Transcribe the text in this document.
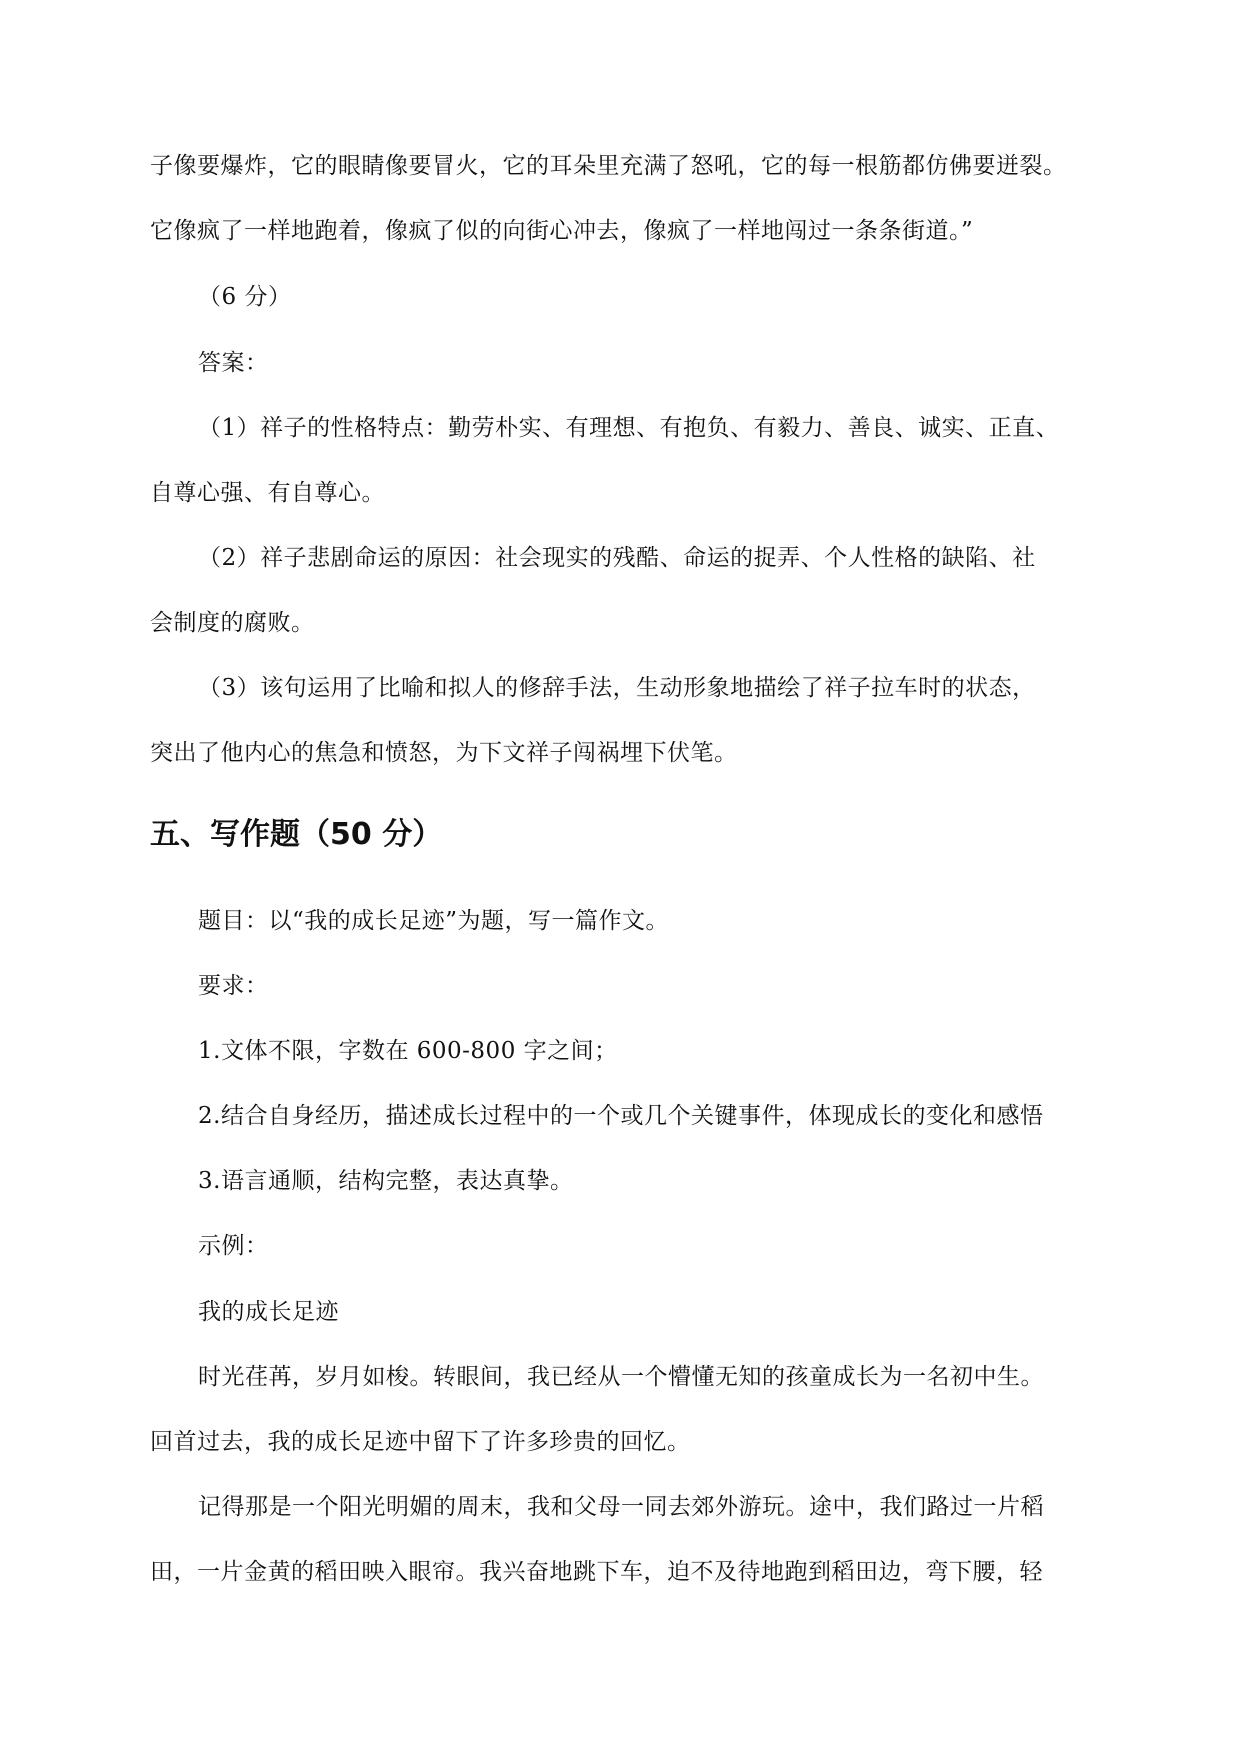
子像要爆炸，它的眼睛像要冒火，它的耳朵里充满了怒吼，它的每一根筋都仿佛要迸裂。
它像疯了一样地跑着，像疯了似的向街心冲去，像疯了一样地闯过一条条街道。”
（6 分）
答案：
（1）祥子的性格特点：勤劳朴实、有理想、有抱负、有毅力、善良、诚实、正直、
自尊心强、有自尊心。
（2）祥子悲剧命运的原因：社会现实的残酷、命运的捉弄、个人性格的缺陷、社
会制度的腐败。
（3）该句运用了比喻和拟人的修辞手法，生动形象地描绘了祥子拉车时的状态，
突出了他内心的焦急和愤怒，为下文祥子闯祸埋下伏笔。
五、写作题（50 分）
题目：以“我的成长足迹”为题，写一篇作文。
要求：
1.文体不限，字数在 600-800 字之间；
2.结合自身经历，描述成长过程中的一个或几个关键事件，体现成长的变化和感悟
3.语言通顺，结构完整，表达真挚。
示例：
我的成长足迹
时光荏苒，岁月如梭。转眼间，我已经从一个懵懂无知的孩童成长为一名初中生。
回首过去，我的成长足迹中留下了许多珍贵的回忆。
记得那是一个阳光明媚的周末，我和父母一同去郊外游玩。途中，我们路过一片稻
田，一片金黄的稻田映入眼帘。我兴奋地跳下车，迫不及待地跑到稻田边，弯下腰，轻
